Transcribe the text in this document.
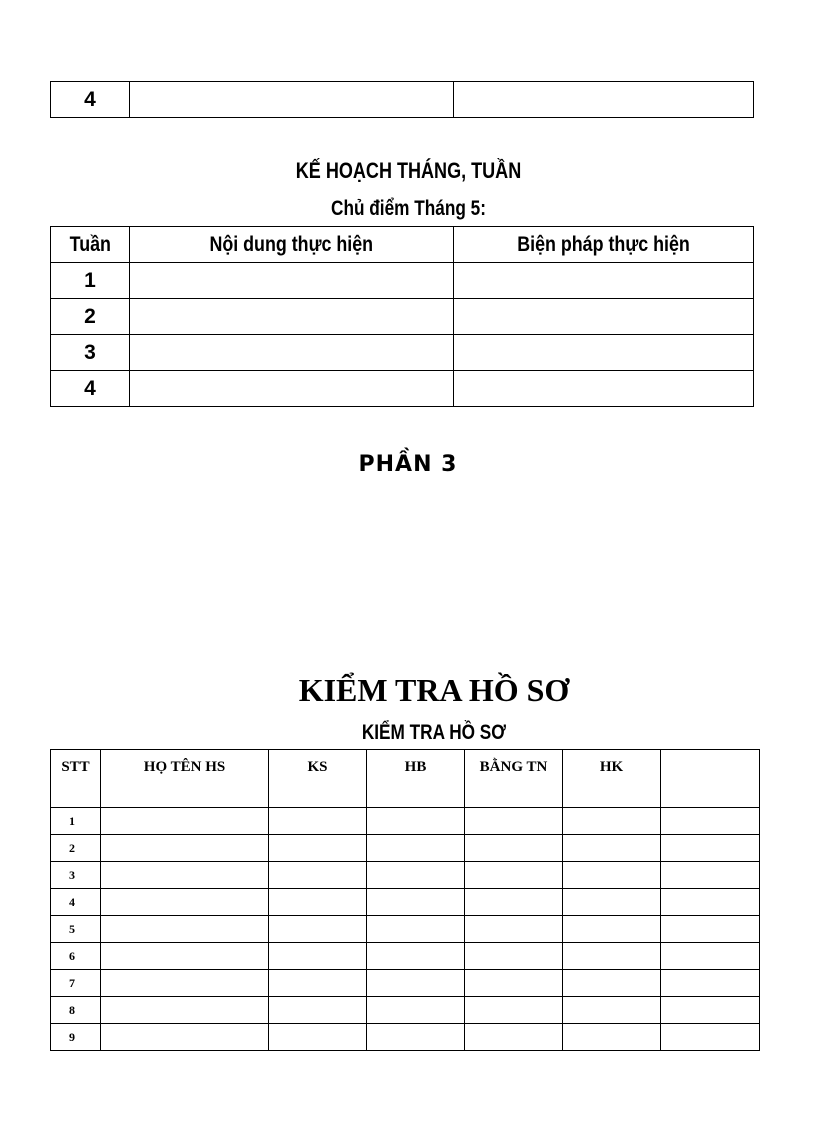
4		
KẾ HOẠCH THÁNG, TUẦN
Chủ điểm Tháng 5:
Tuần	Nội dung thực hiện	Biện pháp thực hiện
1		
2		
3		
4		
PHẦN 3
KIỂM TRA HỒ SƠ
KIỂM TRA HỒ SƠ
STT	HỌ TÊN HS	KS	HB	BẰNG TN	HK	
1						
2						
3						
4						
5						
6						
7						
8						
9						
